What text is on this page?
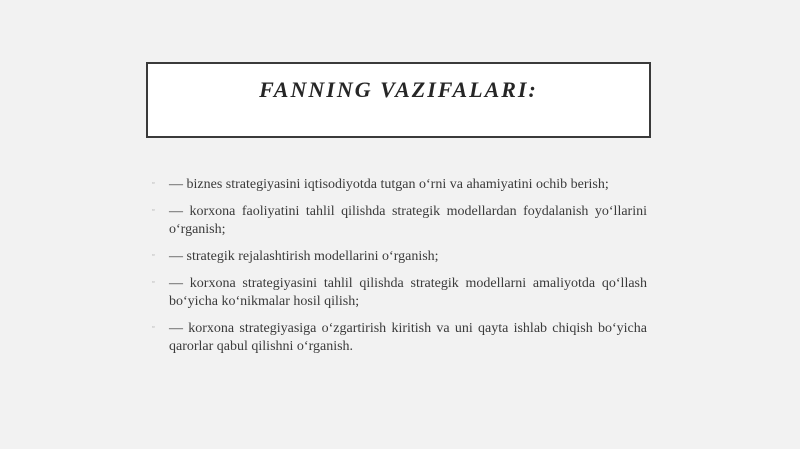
FANNING VAZIFALARI:
▫ — biznes strategiyasini iqtisodiyotda tutgan o‘rni va ahamiyatini ochib berish;
▫ — korxona faoliyatini tahlil qilishda strategik modellardan foydalanish yo‘llarini o‘rganish;
▫ — strategik rejalashtirish modellarini o‘rganish;
▫ — korxona strategiyasini tahlil qilishda strategik modellarni amaliyotda qo‘llash bo‘yicha ko‘nikmalar hosil qilish;
▫ — korxona strategiyasiga o‘zgartirish kiritish va uni qayta ishlab chiqish bo‘yicha qarorlar qabul qilishni o‘rganish.
